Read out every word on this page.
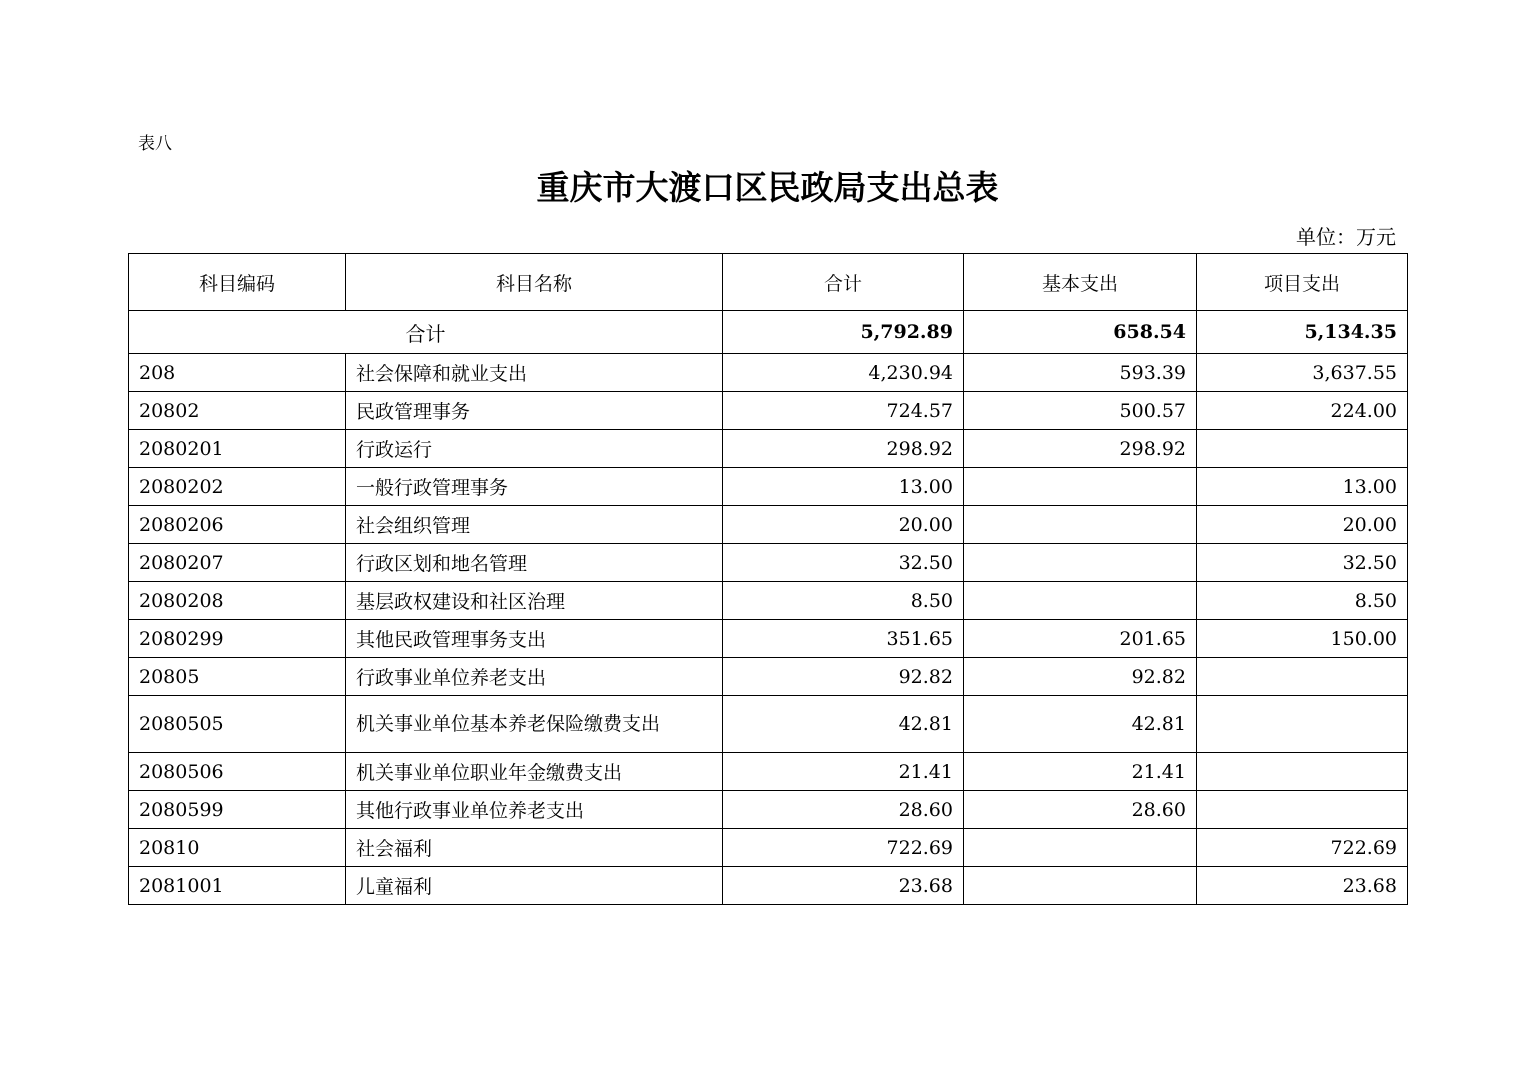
表八
重庆市大渡口区民政局支出总表
单位：万元
科目编码	科目名称	合计	基本支出	项目支出
合计		5,792.89	658.54	5,134.35
208	社会保障和就业支出	4,230.94	593.39	3,637.55
20802	民政管理事务	724.57	500.57	224.00
2080201	行政运行	298.92	298.92	
2080202	一般行政管理事务	13.00		13.00
2080206	社会组织管理	20.00		20.00
2080207	行政区划和地名管理	32.50		32.50
2080208	基层政权建设和社区治理	8.50		8.50
2080299	其他民政管理事务支出	351.65	201.65	150.00
20805	行政事业单位养老支出	92.82	92.82	
2080505	机关事业单位基本养老保险缴费支出	42.81	42.81	
2080506	机关事业单位职业年金缴费支出	21.41	21.41	
2080599	其他行政事业单位养老支出	28.60	28.60	
20810	社会福利	722.69		722.69
2081001	儿童福利	23.68		23.68
